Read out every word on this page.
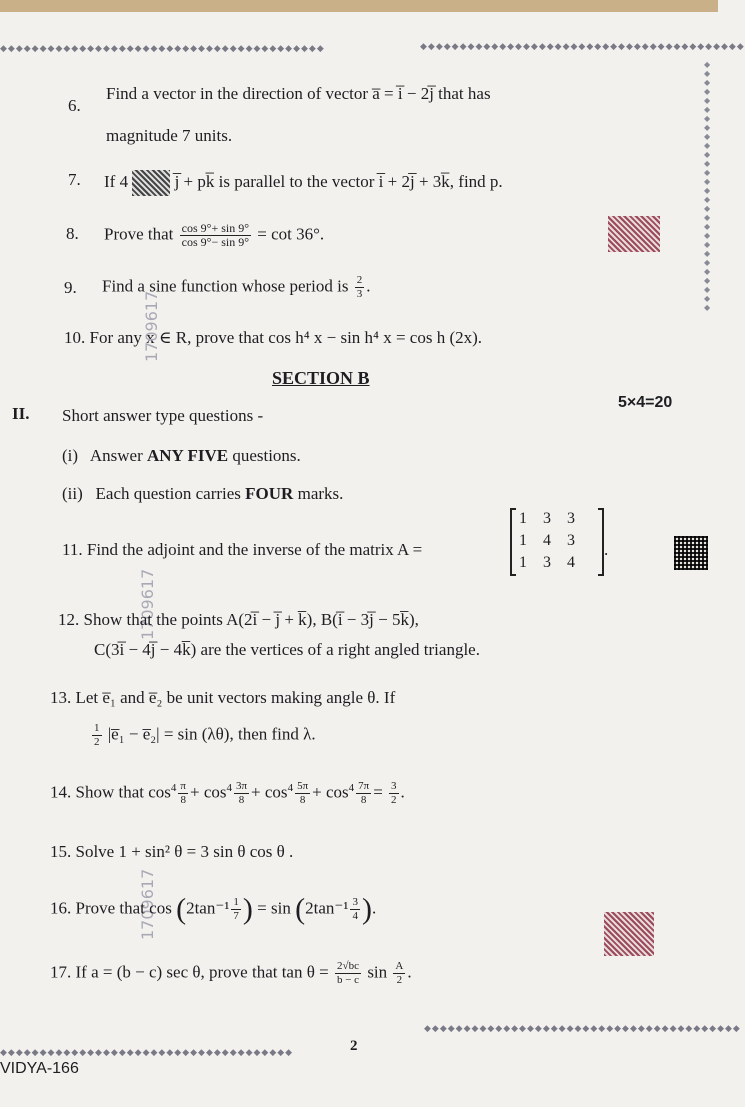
◆◆◆◆◆◆◆◆◆◆◆◆◆◆◆◆◆◆◆◆◆◆◆◆◆◆◆◆◆◆◆◆◆◆◆◆◆◆◆◆◆	◆◆◆◆◆◆◆◆◆◆◆◆◆◆◆◆◆◆◆◆◆◆◆◆◆◆◆◆◆◆◆◆◆◆◆◆◆◆◆◆◆
◆◆◆◆◆◆◆◆◆◆◆◆◆◆◆◆◆◆◆◆◆◆◆◆◆◆◆◆
◆◆◆◆◆◆◆◆◆◆◆◆◆◆◆◆◆◆◆◆◆◆◆◆◆◆◆◆◆◆◆◆◆◆◆◆◆
◆◆◆◆◆◆◆◆◆◆◆◆◆◆◆◆◆◆◆◆◆◆◆◆◆◆◆◆◆◆◆◆◆◆◆◆◆◆◆◆
6.
Find a vector in the direction of vector a̅ = i̅ − 2j̅ that has
magnitude 7 units.
7. If 4	j̅ + pk̅ is parallel to the vector i̅ + 2j̅ + 3k̅, find p.
8. Prove that $\frac{\cos 9^\circ+ \sin 9^\circ}{\cos 9^\circ- \sin 9^\circ} = \cot 36^\circ$.
9. Find a sine function whose period is $\frac{2}{3}$ .
10. For any x ∈ R, prove that cos h⁴ x − sin h⁴ x = cos h (2x).
1709617
SECTION B
5×4=20
II. Short answer type questions -
(i) Answer ANY FIVE questions.
(ii) Each question carries FOUR marks.
11. Find the adjoint and the inverse of the matrix A =
1 3 3
1 4 3
1 3 4
.
1709617
12. Show that the points A(2i̅ − j̅ + k̅), B(i̅ − 3j̅ − 5k̅),
C(3i̅ − 4j̅ − 4k̅) are the vertices of a right angled triangle.
13. Let e̅₁ and e̅₂ be unit vectors making angle θ. If
$\frac{1}{2}$ |e̅₁ − e̅₂| = sin (λθ), then find λ.
14. Show that $\cos^4 \frac{\pi}{8} + \cos^4 \frac{3\pi}{8} + \cos^4 \frac{5\pi}{8} + \cos^4 \frac{7\pi}{8} = \frac{3}{2}$ .
1709617
15. Solve 1 + sin² θ = 3 sin θ cos θ .
16. Prove that $\cos (2\tan^{-1} \frac{1}{7}$ ) = $\sin (2\tan^{-1} \frac{3}{4}$ ).
17. If a = (b − c) sec θ, prove that $\tan \theta = \frac{2√bc}{b - c}$ $\sin \frac{A}{2}$ .
2
VIDYA-166
